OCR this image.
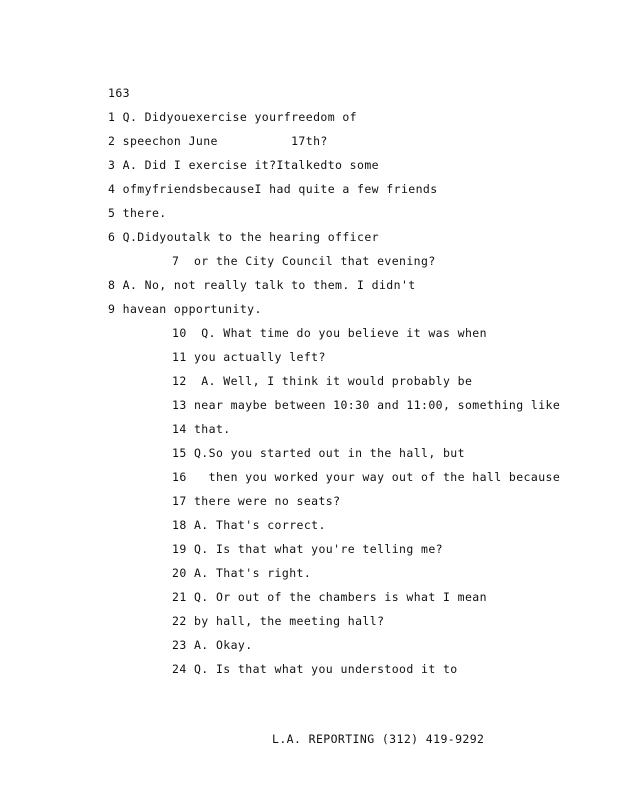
163
1 Q. Didyouexercise yourfreedom of
2 speechon June          17th?
3 A. Did I exercise it?Italkedto some
4 ofmyfriendsbecauseI had quite a few friends
5 there.
6 Q.Didyoutalk to the hearing officer
7  or the City Council that evening?
8 A. No, not really talk to them. I didn't
9 havean opportunity.
10  Q. What time do you believe it was when
11 you actually left?
12  A. Well, I think it would probably be
13 near maybe between 10:30 and 11:00, something like
14 that.
15 Q.So you started out in the hall, but
16   then you worked your way out of the hall because
17 there were no seats?
18 A. That's correct.
19 Q. Is that what you're telling me?
20 A. That's right.
21 Q. Or out of the chambers is what I mean
22 by hall, the meeting hall?
23 A. Okay.
24 Q. Is that what you understood it to
L.A. REPORTING (312) 419-9292
